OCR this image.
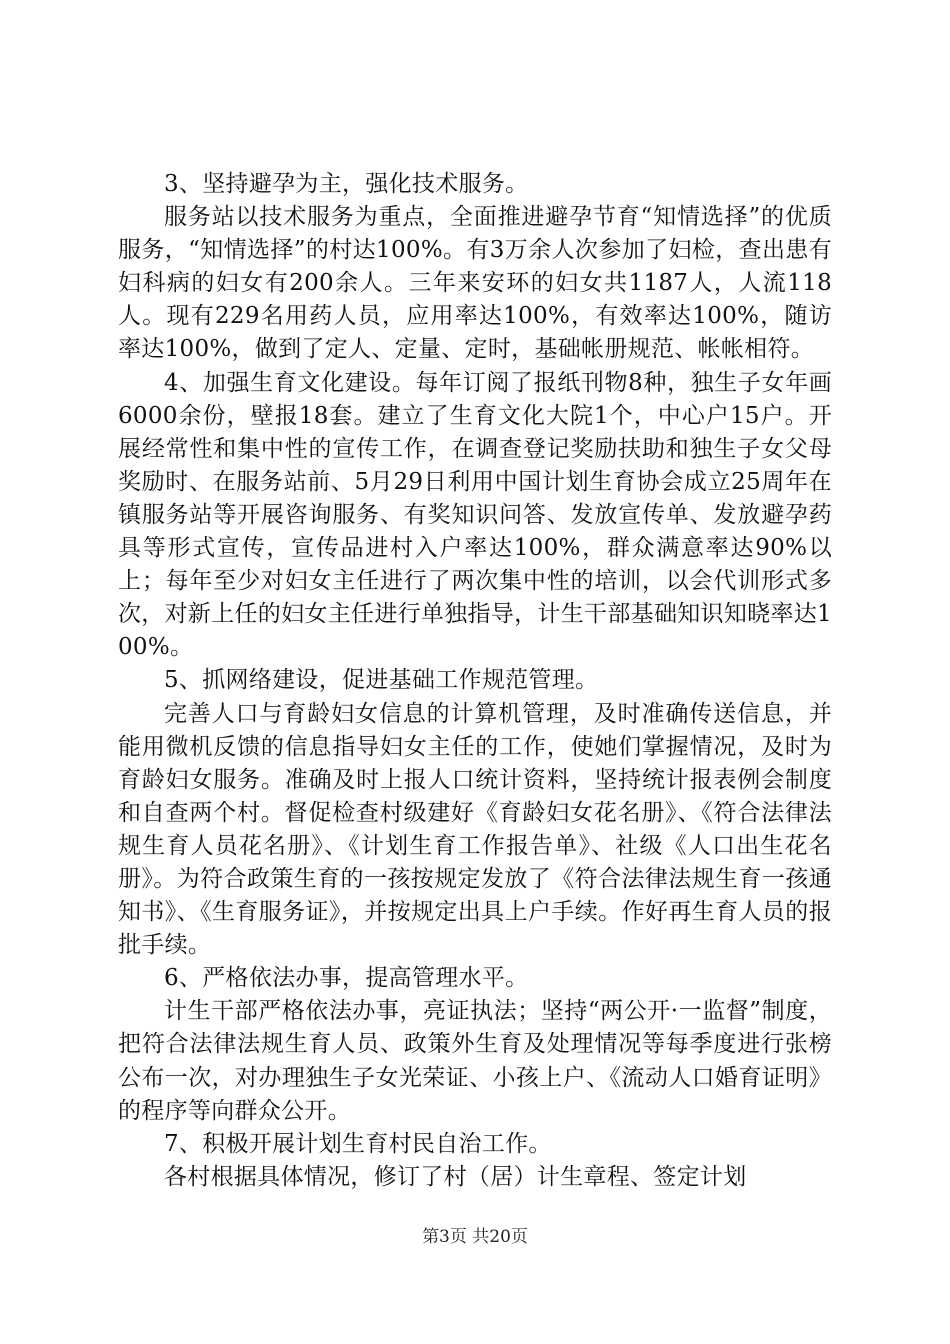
3、坚持避孕为主，强化技术服务。

服务站以技术服务为重点，全面推进避孕节育“知情选择”的优质服务，“知情选择”的村达100%。有3万余人次参加了妇检，查出患有妇科病的妇女有200余人。三年来安环的妇女共1187人，人流118人。现有229名用药人员，应用率达100%，有效率达100%，随访率达100%，做到了定人、定量、定时，基础帐册规范、帐帐相符。

4、加强生育文化建设。每年订阅了报纸刊物8种，独生子女年画6000余份，壁报18套。建立了生育文化大院1个，中心户15户。开展经常性和集中性的宣传工作，在调查登记奖励扶助和独生子女父母奖励时、在服务站前、5月29日利用中国计划生育协会成立25周年在镇服务站等开展咨询服务、有奖知识问答、发放宣传单、发放避孕药具等形式宣传，宣传品进村入户率达100%，群众满意率达90%以上；每年至少对妇女主任进行了两次集中性的培训，以会代训形式多次，对新上任的妇女主任进行单独指导，计生干部基础知识知晓率达100%。

5、抓网络建设，促进基础工作规范管理。

完善人口与育龄妇女信息的计算机管理，及时准确传送信息，并能用微机反馈的信息指导妇女主任的工作，使她们掌握情况，及时为育龄妇女服务。准确及时上报人口统计资料，坚持统计报表例会制度和自查两个村。督促检查村级建好《育龄妇女花名册》、《符合法律法规生育人员花名册》、《计划生育工作报告单》、社级《人口出生花名册》。为符合政策生育的一孩按规定发放了《符合法律法规生育一孩通知书》、《生育服务证》，并按规定出具上户手续。作好再生育人员的报批手续。

6、严格依法办事，提高管理水平。

计生干部严格依法办事，亮证执法；坚持“两公开·一监督”制度，把符合法律法规生育人员、政策外生育及处理情况等每季度进行张榜公布一次，对办理独生子女光荣证、小孩上户、《流动人口婚育证明》的程序等向群众公开。

7、积极开展计划生育村民自治工作。

各村根据具体情况，修订了村（居）计生章程、签定计划

第3页 共20页
